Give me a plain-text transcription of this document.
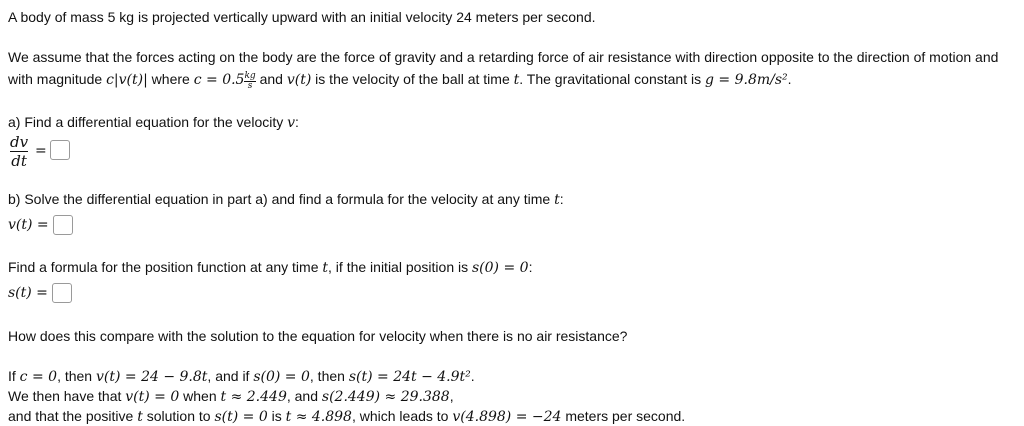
A body of mass 5 kg is projected vertically upward with an initial velocity 24 meters per second.
We assume that the forces acting on the body are the force of gravity and a retarding force of air resistance with direction opposite to the direction of motion and
with magnitude c|v(t)| where $c = 0.5 \frac{kg}{s}$ and v(t) is the velocity of the ball at time t. The gravitational constant is g = 9.8m/s².
a) Find a differential equation for the velocity v:
dv
dt
=
b) Solve the differential equation in part a) and find a formula for the velocity at any time t:
v(t) =
Find a formula for the position function at any time t, if the initial position is s(0) = 0:
s(t) =
How does this compare with the solution to the equation for velocity when there is no air resistance?
If c = 0, then v(t) = 24 − 9.8t, and if s(0) = 0, then s(t) = 24t − 4.9t².
We then have that v(t) = 0 when t ≈ 2.449, and s(2.449) ≈ 29.388,
and that the positive t solution to s(t) = 0 is t ≈ 4.898, which leads to v(4.898) = −24 meters per second.
